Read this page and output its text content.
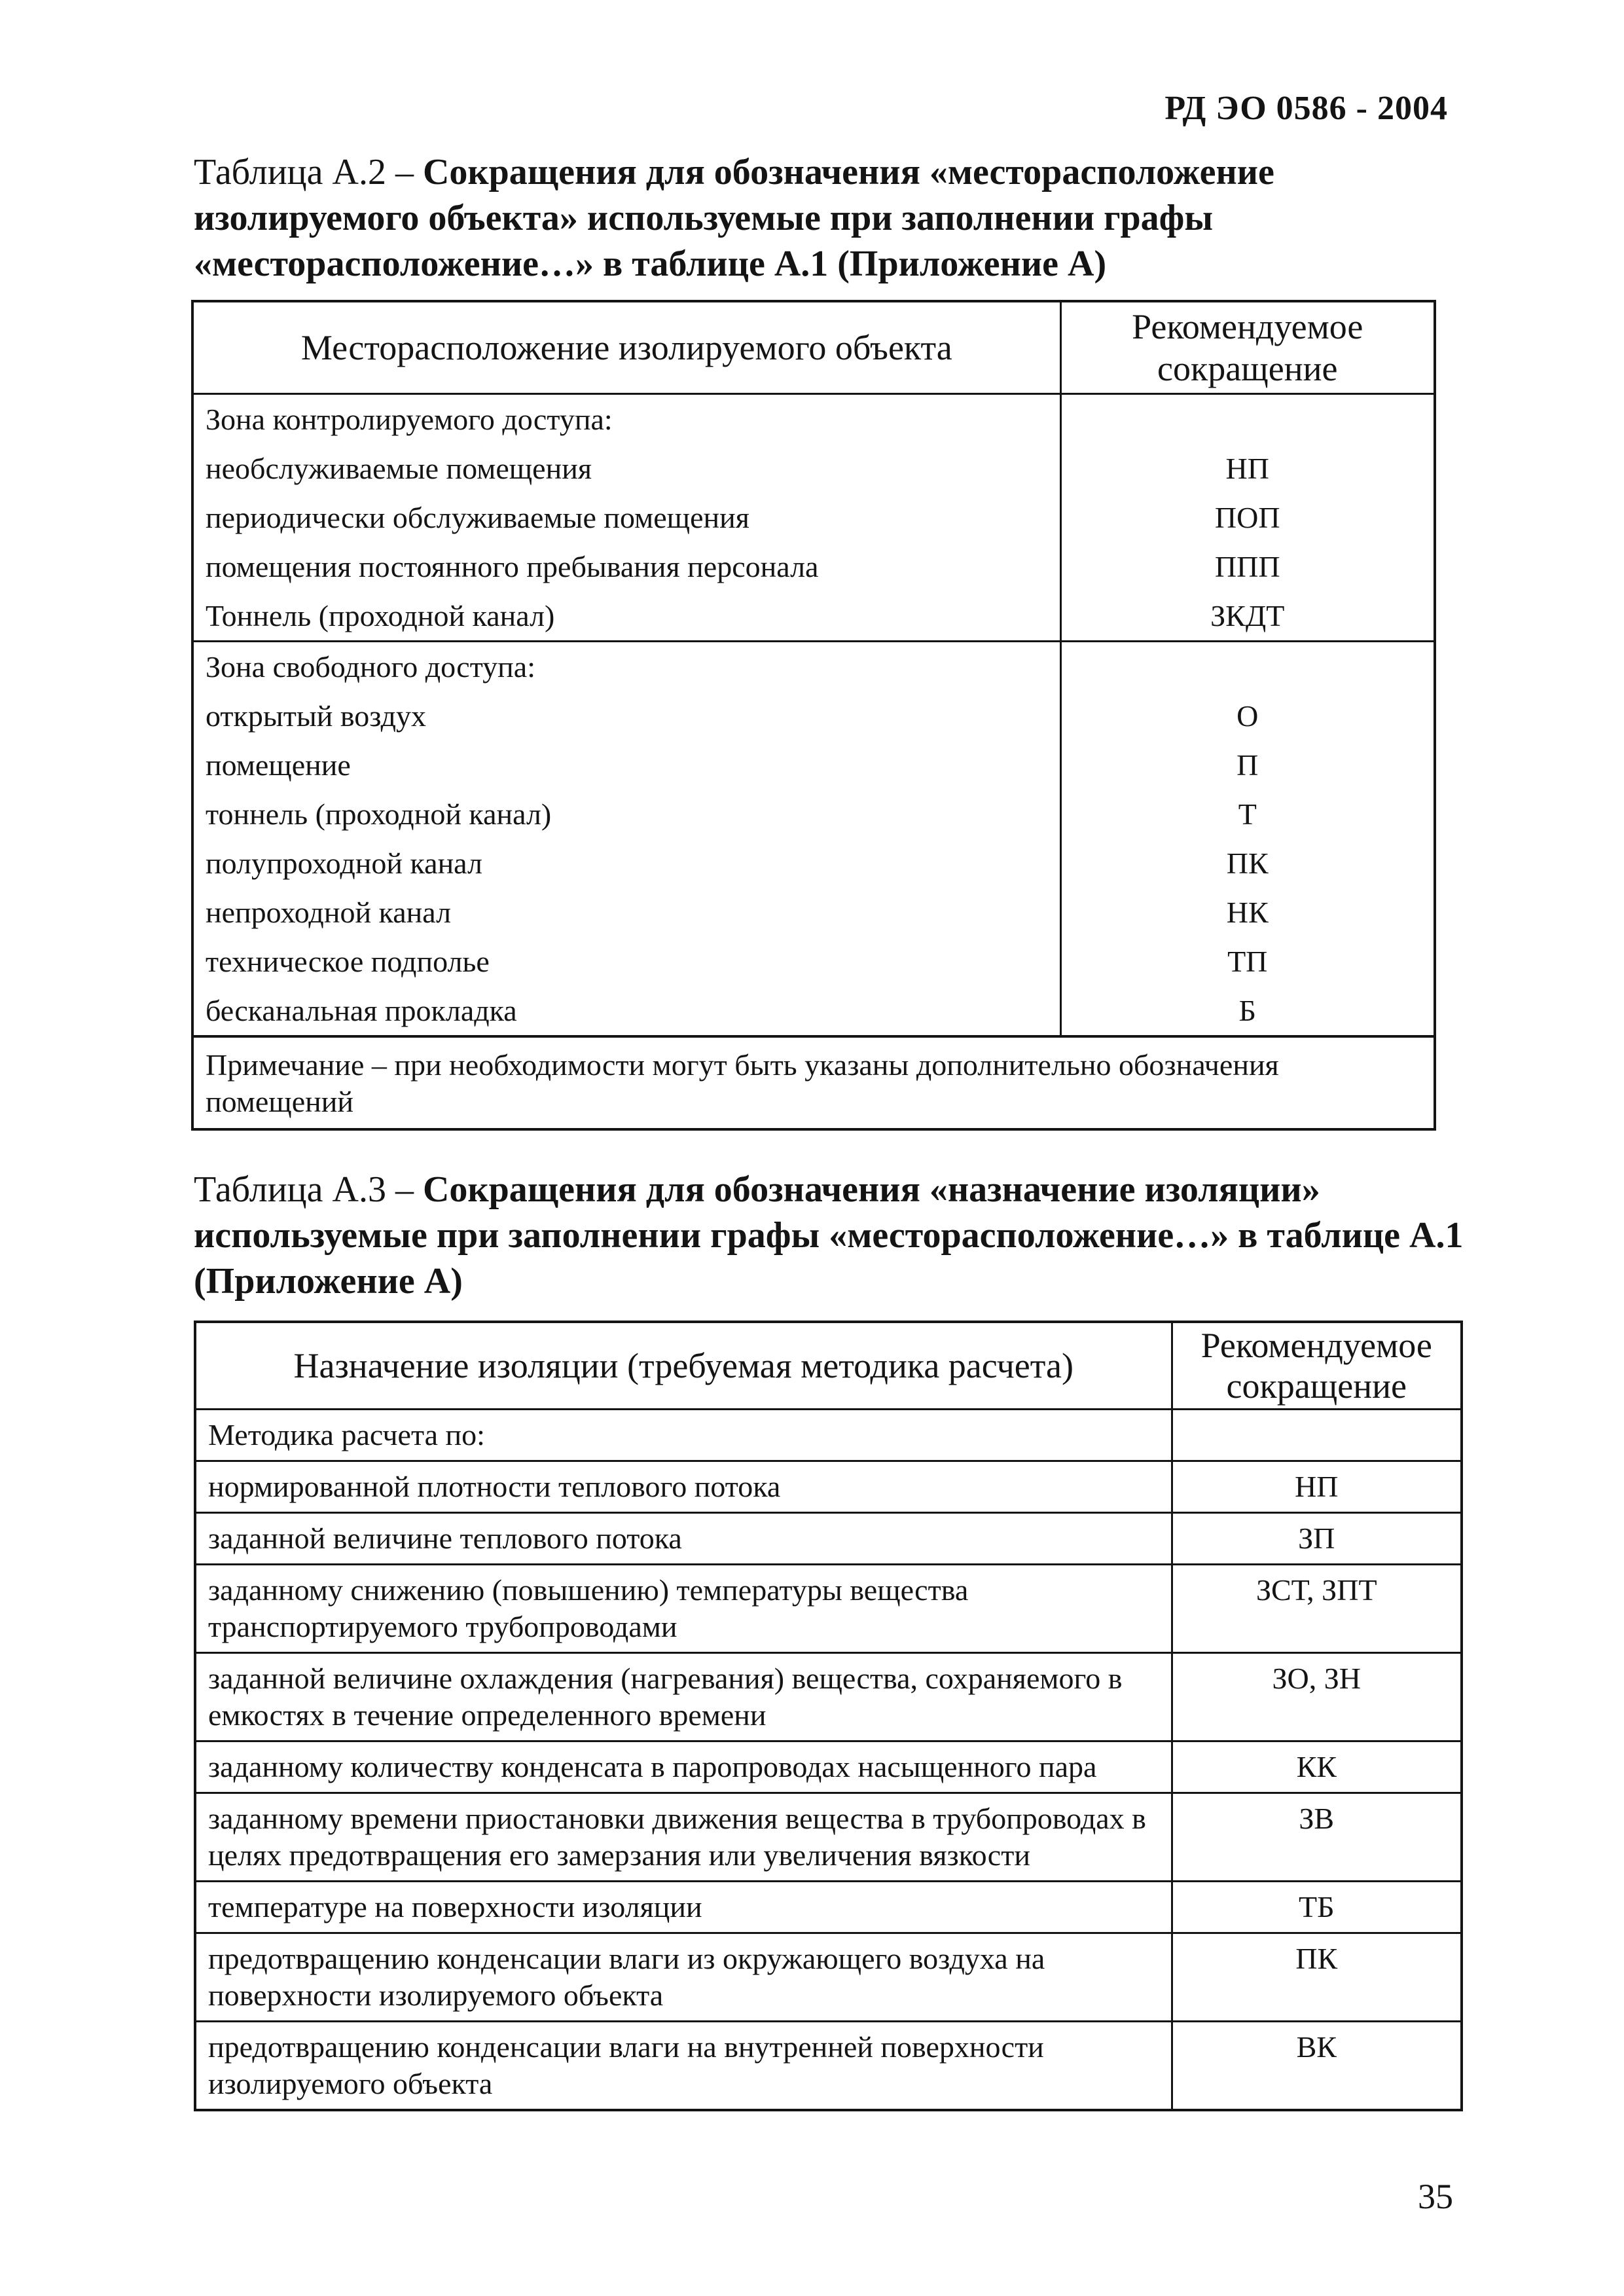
РД ЭО 0586 - 2004
Таблица А.2 – Сокращения для обозначения «месторасположение изолируемого объекта» используемые при заполнении графы «месторасположение…» в таблице А.1 (Приложение А)
Месторасположение изолируемого объекта	Рекомендуемое сокращение
Зона контролируемого доступа:	
необслуживаемые помещения	НП
периодически обслуживаемые помещения	ПОП
помещения постоянного пребывания персонала	ППП
Тоннель (проходной канал)	ЗКДТ
Зона свободного доступа:	
открытый воздух	О
помещение	П
тоннель (проходной канал)	Т
полупроходной канал	ПК
непроходной канал	НК
техническое подполье	ТП
бесканальная прокладка	Б
Примечание – при необходимости могут быть указаны дополнительно обозначения помещений	
Таблица А.3 – Сокращения для обозначения «назначение изоляции» используемые при заполнении графы «месторасположение…» в таблице А.1 (Приложение А)
Назначение изоляции (требуемая методика расчета)	Рекомендуемое сокращение
Методика расчета по:	
нормированной плотности теплового потока	НП
заданной величине теплового потока	ЗП
заданному снижению (повышению) температуры вещества транспортируемого трубопроводами	ЗСТ, ЗПТ
заданной величине охлаждения (нагревания) вещества, сохраняемого в емкостях в течение определенного времени	ЗО, ЗН
заданному количеству конденсата в паропроводах насыщенного пара	КК
заданному времени приостановки движения вещества в трубопроводах в целях предотвращения его замерзания или увеличения вязкости	ЗВ
температуре на поверхности изоляции	ТБ
предотвращению конденсации влаги из окружающего воздуха на поверхности изолируемого объекта	ПК
предотвращению конденсации влаги на внутренней поверхности изолируемого объекта	ВК
35
